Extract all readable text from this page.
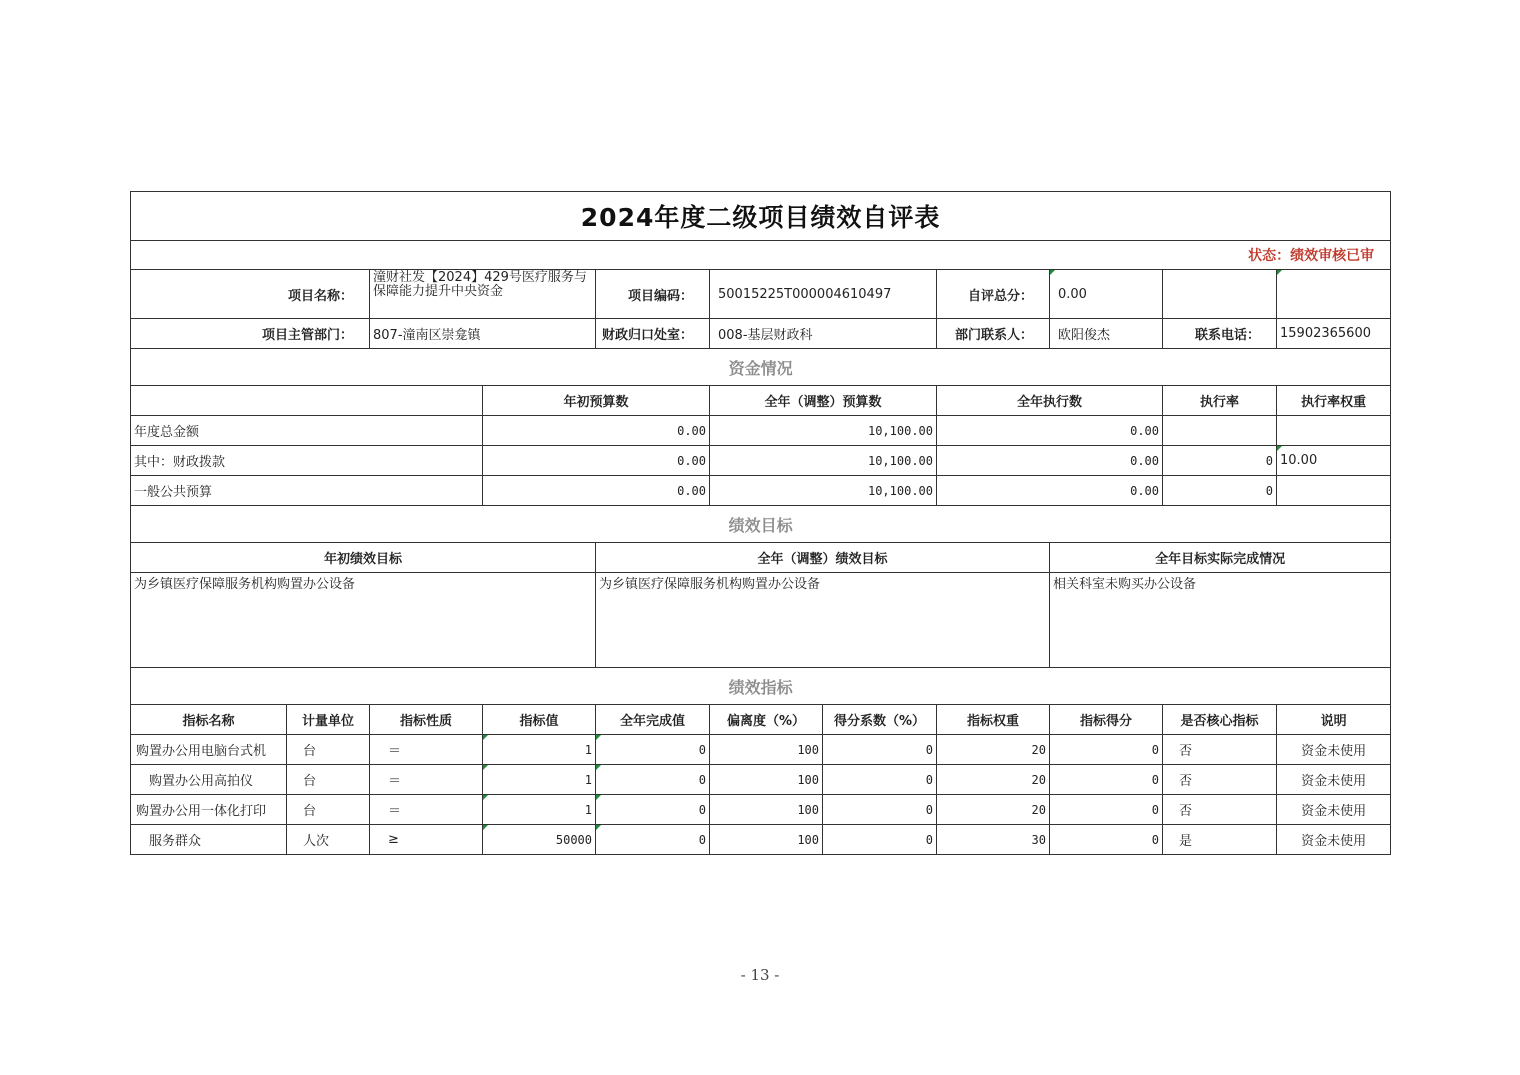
2024年度二级项目绩效自评表											
状态：绩效审核已审											
项目名称：		潼财社发【2024】429号医疗服务与保障能力提升中央资金		项目编码：	50015225T000004610497		自评总分：	0.00			
项目主管部门：		807-潼南区崇龛镇		财政归口处室：	008-基层财政科		部门联系人：	欧阳俊杰	联系电话：	15902365600	
资金情况											
			年初预算数		全年（调整）预算数		全年执行数		执行率	执行率权重	
年度总金额			0.00		10,100.00		0.00				
其中：财政拨款			0.00		10,100.00		0.00		0	10.00	
一般公共预算			0.00		10,100.00		0.00		0		
绩效目标											
年初绩效目标				全年（调整）绩效目标				全年目标实际完成情况			
为乡镇医疗保障服务机构购置办公设备				为乡镇医疗保障服务机构购置办公设备				相关科室未购买办公设备			
绩效指标											
指标名称	计量单位	指标性质	指标值	全年完成值	偏离度（%）	得分系数（%）	指标权重	指标得分	是否核心指标	说明	
购置办公用电脑台式机	台	＝	1	0	100	0	20	0	否	资金未使用	
购置办公用高拍仪	台	＝	1	0	100	0	20	0	否	资金未使用	
购置办公用一体化打印	台	＝	1	0	100	0	20	0	否	资金未使用	
服务群众	人次	≥	50000	0	100	0	30	0	是	资金未使用	
- 13 -
